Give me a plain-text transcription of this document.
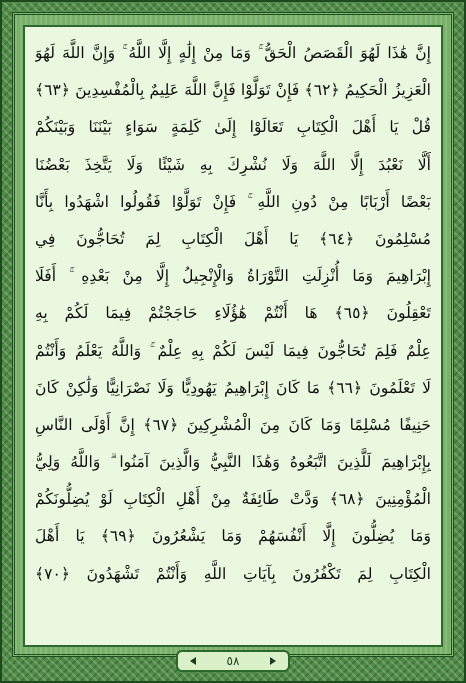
إِنَّ هَٰذَا لَهُوَ الْقَصَصُ الْحَقُّ ۚ وَمَا مِنْ إِلَٰهٍ إِلَّا اللَّهُ ۚ وَإِنَّ اللَّهَ لَهُوَ
الْعَزِيزُ الْحَكِيمُ ﴿٦٢﴾ فَإِنْ تَوَلَّوْا فَإِنَّ اللَّهَ عَلِيمٌ بِالْمُفْسِدِينَ ﴿٦٣﴾
قُلْ يَا أَهْلَ الْكِتَابِ تَعَالَوْا إِلَىٰ كَلِمَةٍ سَوَاءٍ بَيْنَنَا وَبَيْنَكُمْ
أَلَّا نَعْبُدَ إِلَّا اللَّهَ وَلَا نُشْرِكَ بِهِ شَيْئًا وَلَا يَتَّخِذَ بَعْضُنَا
بَعْضًا أَرْبَابًا مِنْ دُونِ اللَّهِ ۚ فَإِنْ تَوَلَّوْا فَقُولُوا اشْهَدُوا بِأَنَّا
مُسْلِمُونَ ﴿٦٤﴾ يَا أَهْلَ الْكِتَابِ لِمَ تُحَاجُّونَ فِي
إِبْرَاهِيمَ وَمَا أُنْزِلَتِ التَّوْرَاةُ وَالْإِنْجِيلُ إِلَّا مِنْ بَعْدِهِ ۚ أَفَلَا
تَعْقِلُونَ ﴿٦٥﴾ هَا أَنْتُمْ هَٰؤُلَاءِ حَاجَجْتُمْ فِيمَا لَكُمْ بِهِ
عِلْمٌ فَلِمَ تُحَاجُّونَ فِيمَا لَيْسَ لَكُمْ بِهِ عِلْمٌ ۚ وَاللَّهُ يَعْلَمُ وَأَنْتُمْ
لَا تَعْلَمُونَ ﴿٦٦﴾ مَا كَانَ إِبْرَاهِيمُ يَهُودِيًّا وَلَا نَصْرَانِيًّا وَلَٰكِنْ كَانَ
حَنِيفًا مُسْلِمًا وَمَا كَانَ مِنَ الْمُشْرِكِينَ ﴿٦٧﴾ إِنَّ أَوْلَى النَّاسِ
بِإِبْرَاهِيمَ لَلَّذِينَ اتَّبَعُوهُ وَهَٰذَا النَّبِيُّ وَالَّذِينَ آمَنُوا ۗ وَاللَّهُ وَلِيُّ
الْمُؤْمِنِينَ ﴿٦٨﴾ وَدَّتْ طَائِفَةٌ مِنْ أَهْلِ الْكِتَابِ لَوْ يُضِلُّونَكُمْ
وَمَا يُضِلُّونَ إِلَّا أَنْفُسَهُمْ وَمَا يَشْعُرُونَ ﴿٦٩﴾ يَا أَهْلَ
الْكِتَابِ لِمَ تَكْفُرُونَ بِآيَاتِ اللَّهِ وَأَنْتُمْ تَشْهَدُونَ ﴿٧٠﴾

٥٨
